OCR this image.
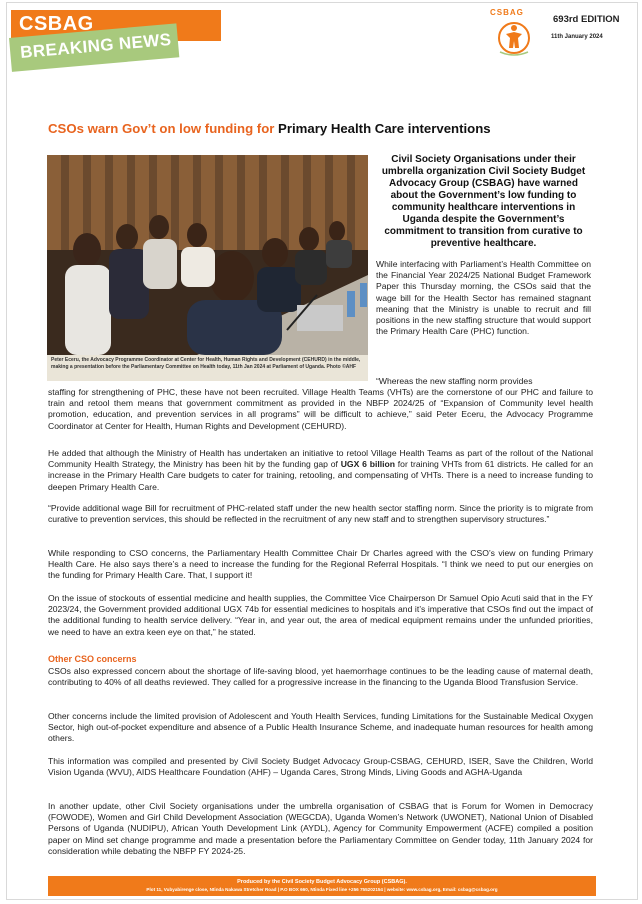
CSBAG
BREAKING NEWS
CSBAG
693rd EDITION
11th January 2024
CSOs warn Gov’t on low funding for Primary Health Care interventions

Peter Eceru, the Advocacy Programme Coordinator at Center for Health, Human Rights and Development (CEHURD) in the middle, making a presentation before the Parliamentary Committee on Health today, 11th Jan 2024 at Parliament of Uganda. Photo ©AHF

Civil Society Organisations under their umbrella organization Civil Society Budget Advocacy Group (CSBAG) have warned about the Government’s low funding to community healthcare interventions in Uganda despite the Government’s commitment to transition from curative to preventive healthcare.

While interfacing with Parliament’s Health Committee on the Financial Year 2024/25 National Budget Framework Paper this Thursday morning, the CSOs said that the wage bill for the Health Sector has remained stagnant meaning that the Ministry is unable to recruit and fill positions in the new staffing structure that would support the Primary Health Care (PHC) function.

“Whereas the new staffing norm provides

staffing for strengthening of PHC, these have not been recruited. Village Health Teams (VHTs) are the cornerstone of our PHC and failure to train and retool them means that government commitment as provided in the NBFP 2024/25 of “Expansion of Community level health promotion, education, and prevention services in all programs” will be difficult to achieve,” said Peter Eceru, the Advocacy Programme Coordinator at Center for Health, Human Rights and Development (CEHURD).

He added that although the Ministry of Health has undertaken an initiative to retool Village Health Teams as part of the rollout of the National Community Health Strategy, the Ministry has been hit by the funding gap of UGX 6 billion for training VHTs from 61 districts. He called for an increase in the Primary Health Care budgets to cater for training, retooling, and compensating of VHTs. There is a need to increase funding to deepen Primary Health Care.

“Provide additional wage Bill for recruitment of PHC-related staff under the new health sector staffing norm. Since the priority is to migrate from curative to prevention services, this should be reflected in the recruitment of any new staff and to strengthen supervisory structures.”

While responding to CSO concerns, the Parliamentary Health Committee Chair Dr Charles agreed with the CSO’s view on funding Primary Health Care. He also says there’s a need to increase the funding for the Regional Referral Hospitals. “I think we need to put our energies on the funding for Primary Health Care. That, I support it!

On the issue of stockouts of essential medicine and health supplies, the Committee Vice Chairperson Dr Samuel Opio Acuti said that in the FY 2023/24, the Government provided additional UGX 74b for essential medicines to hospitals and it’s imperative that CSOs find out the impact of the additional funding to health service delivery. “Year in, and year out, the area of medical equipment remains under the unfunded priorities, we need to have an extra keen eye on that,” he stated.

Other CSO concerns

CSOs also expressed concern about the shortage of life-saving blood, yet haemorrhage continues to be the leading cause of maternal death, contributing to 40% of all deaths reviewed. They called for a progressive increase in the financing to the Uganda Blood Transfusion Service.

Other concerns include the limited provision of Adolescent and Youth Health Services, funding Limitations for the Sustainable Medical Oxygen Sector, high out-of-pocket expenditure and absence of a Public Health Insurance Scheme, and inadequate human resources for health among others.

This information was compiled and presented by Civil Society Budget Advocacy Group-CSBAG, CEHURD, ISER, Save the Children, World Vision Uganda (WVU), AIDS Healthcare Foundation (AHF) – Uganda Cares, Strong Minds, Living Goods and AGHA-Uganda

In another update, other Civil Society organisations under the umbrella organisation of CSBAG that is Forum for Women in Democracy (FOWODE), Women and Girl Child Development Association (WEGCDA), Uganda Women’s Network (UWONET), National Union of Disabled Persons of Uganda (NUDIPU), African Youth Development Link (AYDL), Agency for Community Empowerment (ACFE) compiled a position paper on Mind set change programme and made a presentation before the Parliamentary Committee on Gender today, 11th January 2024 for consideration while debating the NBFP FY 2024-25.

Produced by the Civil Society Budget Advocacy Group (CSBAG).
Plot 11, Vubyabirenge close, Ntinda Nakawa Stretcher Road | P.O BOX 660, Ntinda Fixed line +256 755202154 | website: www.csbag.org, Email: csbag@csbag.org
